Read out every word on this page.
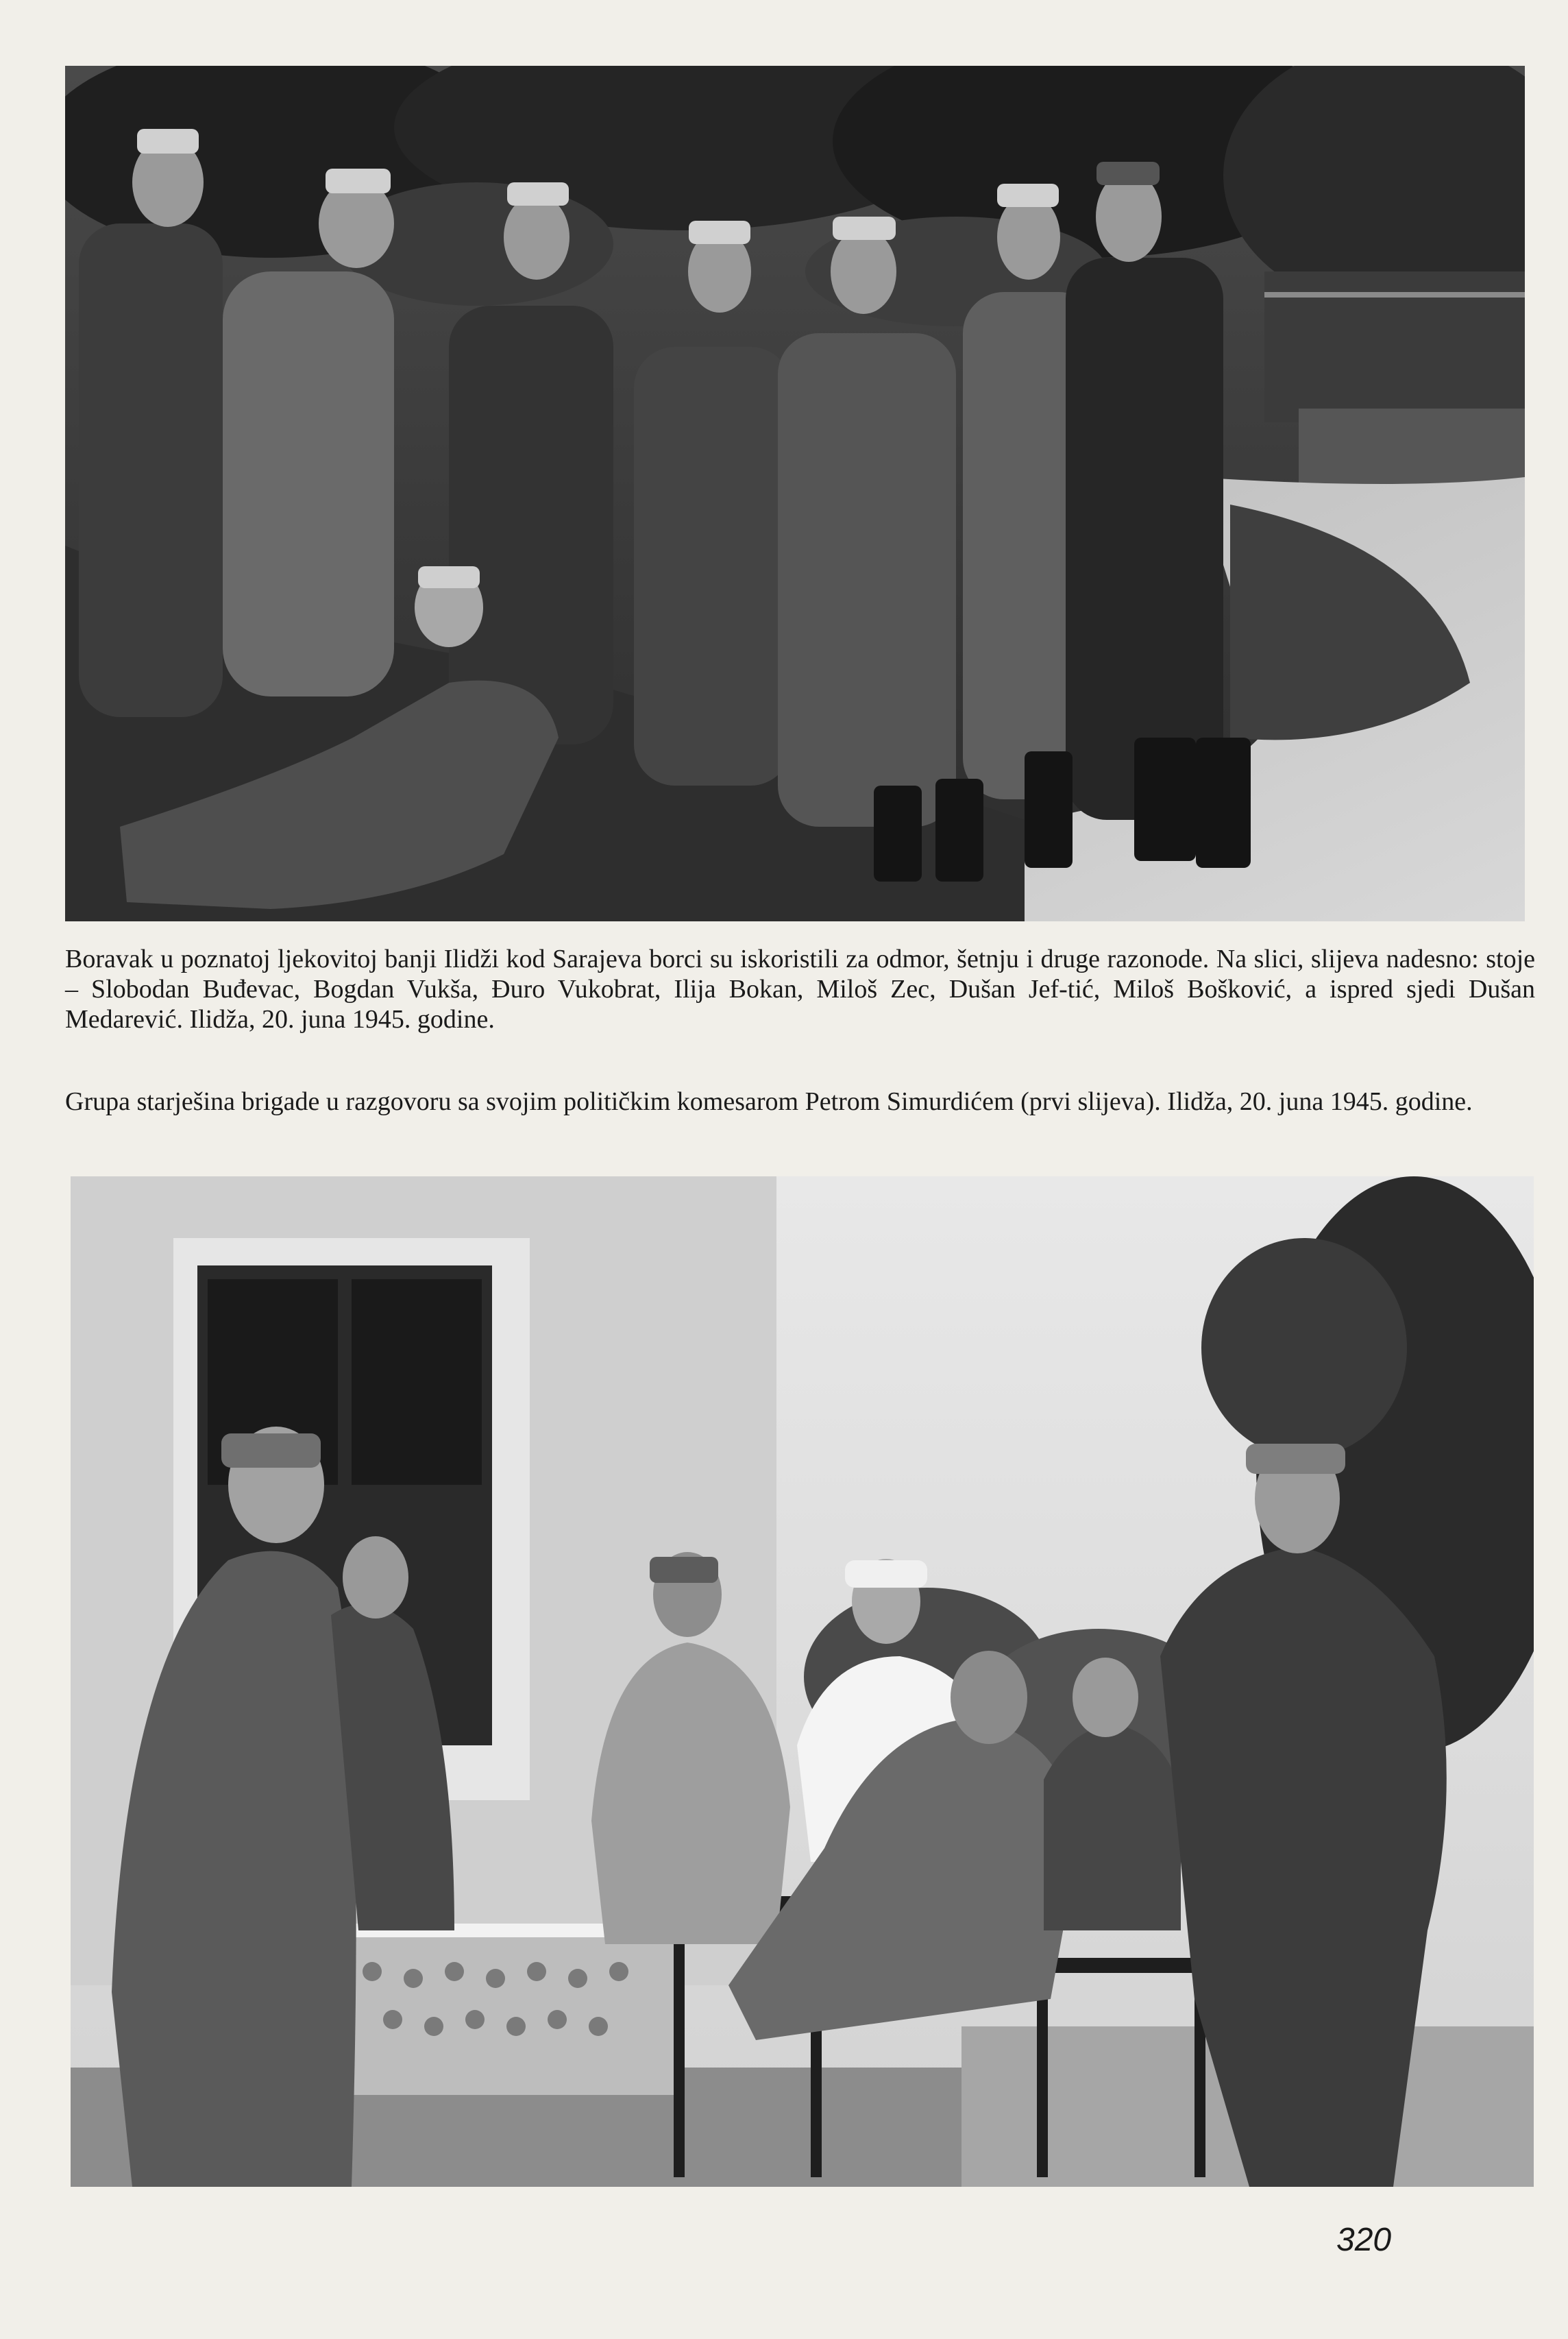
Boravak u poznatoj ljekovitoj banji Ilidži kod Sarajeva borci su iskoristili za odmor, šetnju i druge razonode. Na slici, slijeva nadesno: stoje – Slobodan Buđevac, Bogdan Vukša, Đuro Vukobrat, Ilija Bokan, Miloš Zec, Dušan Jef-tić, Miloš Bošković, a ispred sjedi Dušan Medarević. Ilidža, 20. juna 1945. godine.

Grupa starješina brigade u razgovoru sa svojim političkim komesarom Petrom Simurdićem (prvi slijeva). Ilidža, 20. juna 1945. godine.

320
